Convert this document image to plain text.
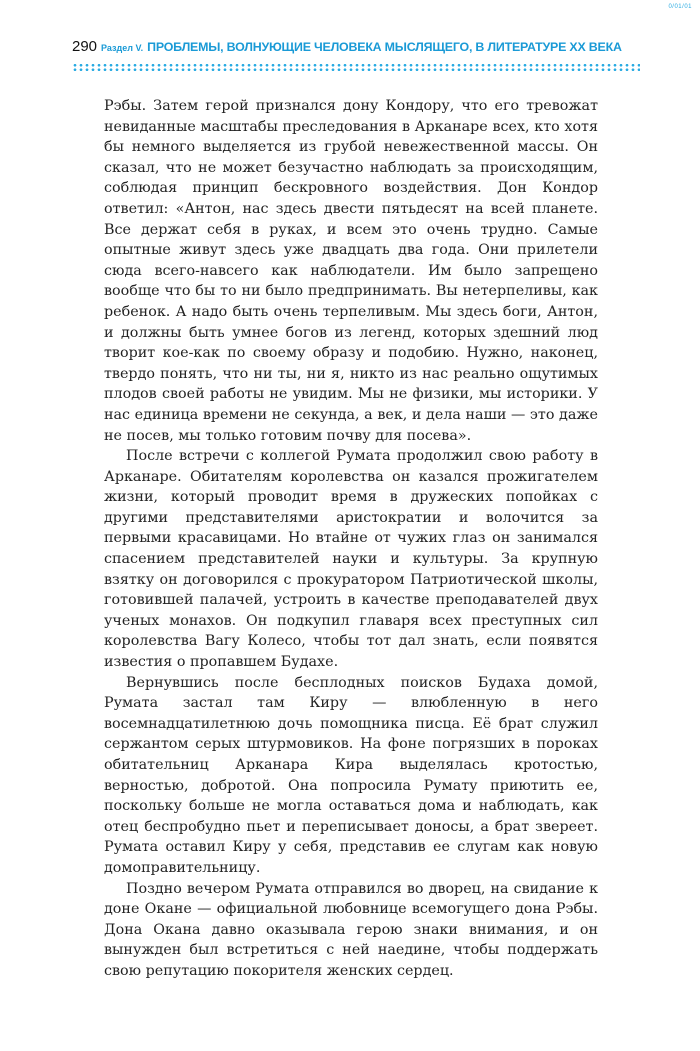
0/01/01
290 Раздел V. ПРОБЛЕМЫ, ВОЛНУЮЩИЕ ЧЕЛОВЕКА МЫСЛЯЩЕГО, В ЛИТЕРАТУРЕ XX ВЕКА

Рэбы. Затем герой признался дону Кондору, что его тревожат невиданные масштабы преследования в Арканаре всех, кто хотя бы немного выделяется из грубой невежественной массы. Он сказал, что не может безучастно наблюдать за происходящим, соблюдая принцип бескровного воздействия. Дон Кондор ответил: «Антон, нас здесь двести пятьдесят на всей планете. Все держат себя в руках, и всем это очень трудно. Самые опытные живут здесь уже двадцать два года. Они прилетели сюда всего-навсего как наблюдатели. Им было запрещено вообще что бы то ни было предпринимать. Вы нетерпеливы, как ребенок. А надо быть очень терпеливым. Мы здесь боги, Антон, и должны быть умнее богов из легенд, которых здешний люд творит кое-как по своему образу и подобию. Нужно, наконец, твердо понять, что ни ты, ни я, никто из нас реально ощутимых плодов своей работы не увидим. Мы не физики, мы историки. У нас единица времени не секунда, а век, и дела наши — это даже не посев, мы только готовим почву для посева».

После встречи с коллегой Румата продолжил свою работу в Арканаре. Обитателям королевства он казался прожигателем жизни, который проводит время в дружеских попойках с другими представителями аристократии и волочится за первыми красавицами. Но втайне от чужих глаз он занимался спасением представителей науки и культуры. За крупную взятку он договорился с прокуратором Патриотической школы, готовившей палачей, устроить в качестве преподавателей двух ученых монахов. Он подкупил главаря всех преступных сил королевства Вагу Колесо, чтобы тот дал знать, если появятся известия о пропавшем Будахе.

Вернувшись после бесплодных поисков Будаха домой, Румата застал там Киру — влюбленную в него восемнадцатилетнюю дочь помощника писца. Её брат служил сержантом серых штурмовиков. На фоне погрязших в пороках обитательниц Арканара Кира выделялась кротостью, верностью, добротой. Она попросила Румату приютить ее, поскольку больше не могла оставаться дома и наблюдать, как отец беспробудно пьет и переписывает доносы, а брат звереет. Румата оставил Киру у себя, представив ее слугам как новую домоправительницу.

Поздно вечером Румата отправился во дворец, на свидание к доне Окане — официальной любовнице всемогущего дона Рэбы. Дона Окана давно оказывала герою знаки внимания, и он вынужден был встретиться с ней наедине, чтобы поддержать свою репутацию покорителя женских сердец.
